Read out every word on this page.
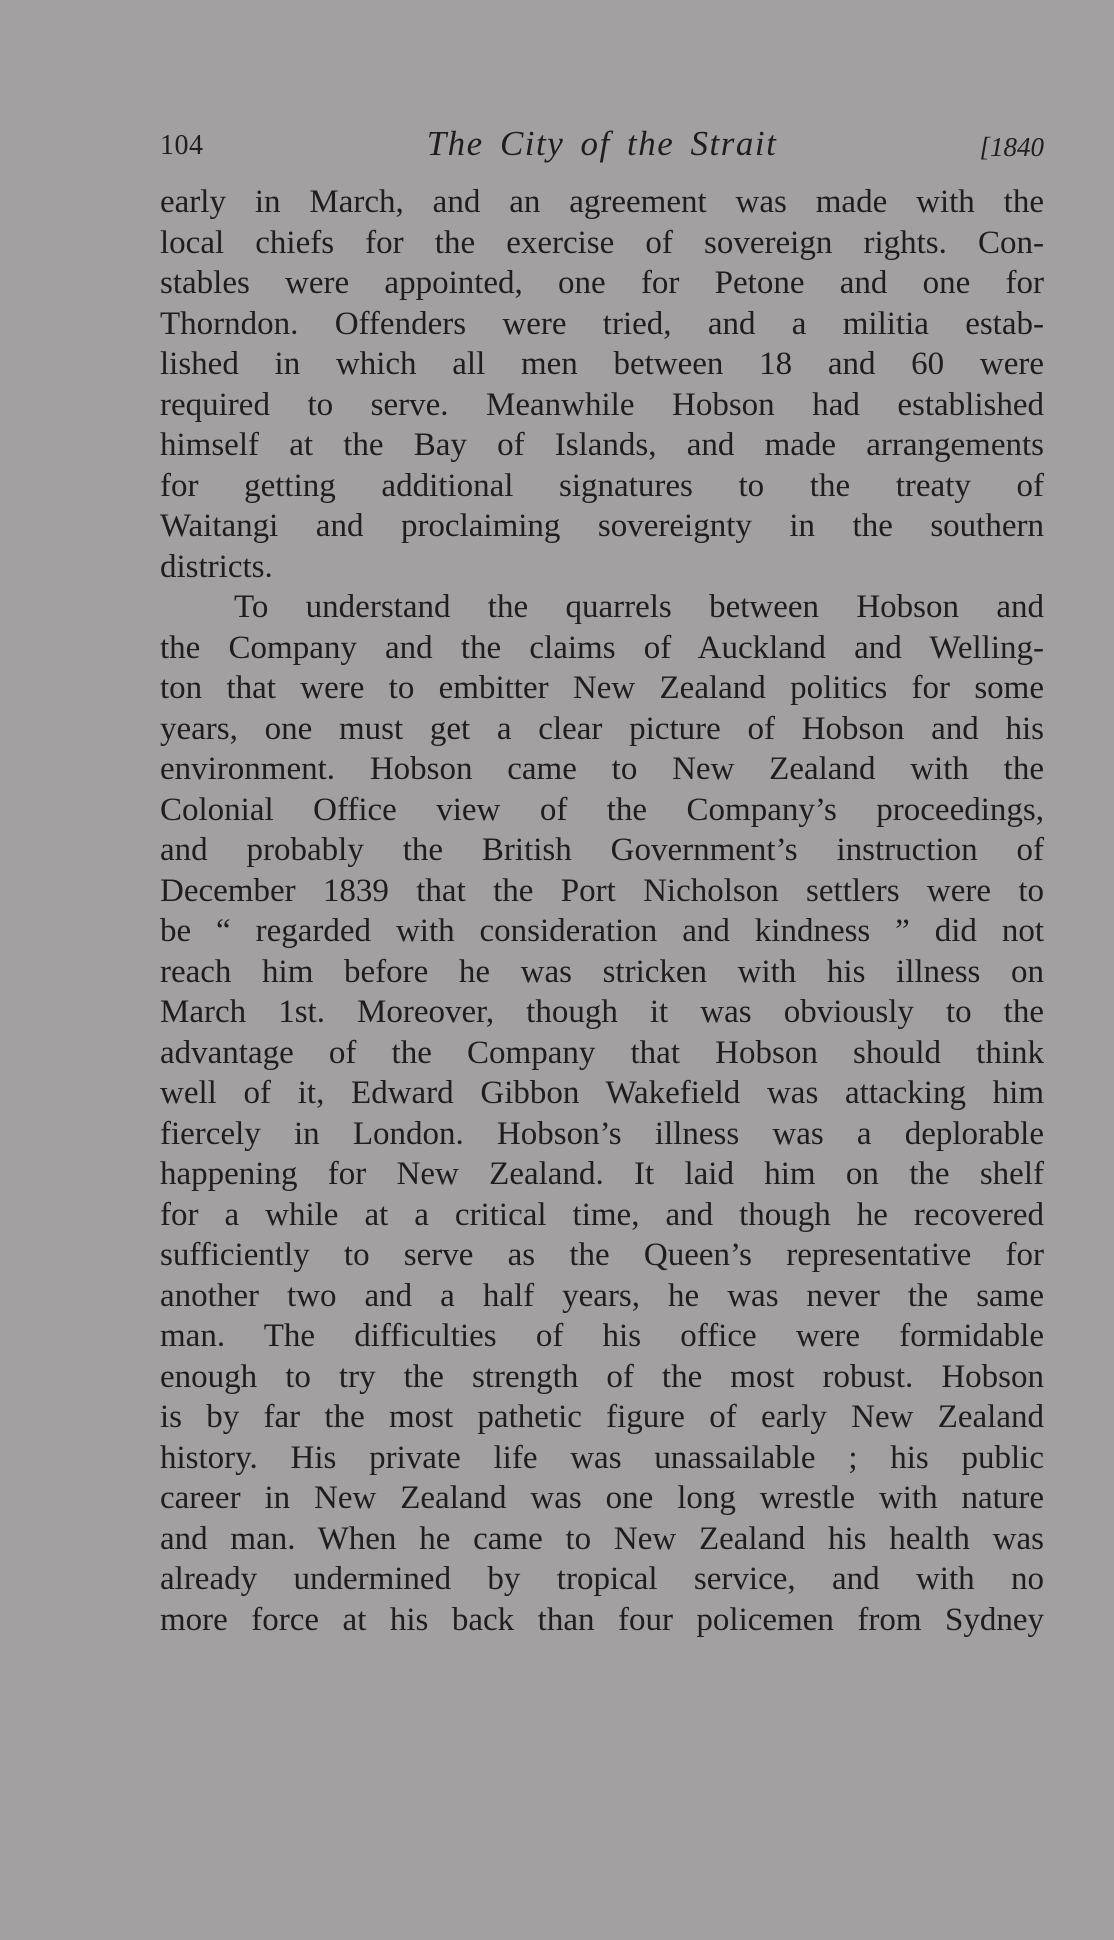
104	The City of the Strait	[1840

early in March, and an agreement was made with the
local chiefs for the exercise of sovereign rights. Con-
stables were appointed, one for Petone and one for
Thorndon. Offenders were tried, and a militia estab-
lished in which all men between 18 and 60 were
required to serve. Meanwhile Hobson had established
himself at the Bay of Islands, and made arrangements
for getting additional signatures to the treaty of
Waitangi and proclaiming sovereignty in the southern
districts.

To understand the quarrels between Hobson and
the Company and the claims of Auckland and Welling-
ton that were to embitter New Zealand politics for some
years, one must get a clear picture of Hobson and his
environment. Hobson came to New Zealand with the
Colonial Office view of the Company’s proceedings,
and probably the British Government’s instruction of
December 1839 that the Port Nicholson settlers were to
be “ regarded with consideration and kindness ” did not
reach him before he was stricken with his illness on
March 1st. Moreover, though it was obviously to the
advantage of the Company that Hobson should think
well of it, Edward Gibbon Wakefield was attacking him
fiercely in London. Hobson’s illness was a deplorable
happening for New Zealand. It laid him on the shelf
for a while at a critical time, and though he recovered
sufficiently to serve as the Queen’s representative for
another two and a half years, he was never the same
man. The difficulties of his office were formidable
enough to try the strength of the most robust. Hobson
is by far the most pathetic figure of early New Zealand
history. His private life was unassailable ; his public
career in New Zealand was one long wrestle with nature
and man. When he came to New Zealand his health was
already undermined by tropical service, and with no
more force at his back than four policemen from Sydney
